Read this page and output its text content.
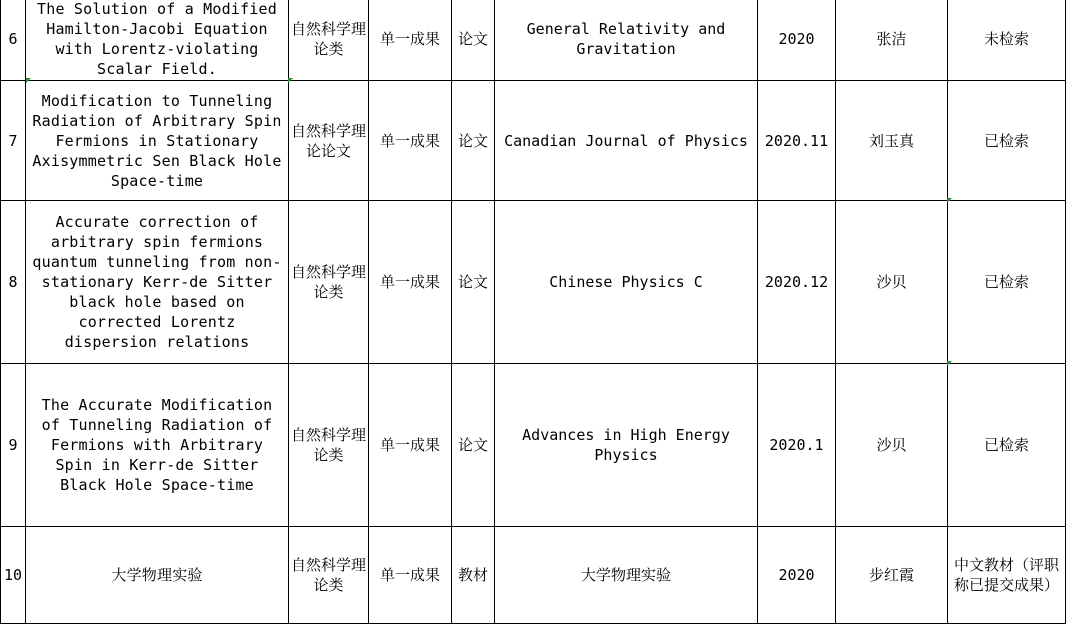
6	The Solution of a Modified Hamilton-Jacobi Equation with Lorentz-violating Scalar Field.	自然科学理论类	单一成果	论文	General Relativity and Gravitation	2020	张洁	未检索
7	Modification to Tunneling Radiation of Arbitrary Spin Fermions in Stationary Axisymmetric Sen Black Hole Space-time	自然科学理论论文	单一成果	论文	Canadian Journal of Physics	2020.11	刘玉真	已检索
8	Accurate correction of arbitrary spin fermions quantum tunneling from non-stationary Kerr-de Sitter black hole based on corrected Lorentz dispersion relations	自然科学理论类	单一成果	论文	Chinese Physics C	2020.12	沙贝	已检索
9	The Accurate Modification of Tunneling Radiation of Fermions with Arbitrary Spin in Kerr-de Sitter Black Hole Space-time	自然科学理论类	单一成果	论文	Advances in High Energy Physics	2020.1	沙贝	已检索
10	大学物理实验	自然科学理论类	单一成果	教材	大学物理实验	2020	步红霞	中文教材（评职称已提交成果）
